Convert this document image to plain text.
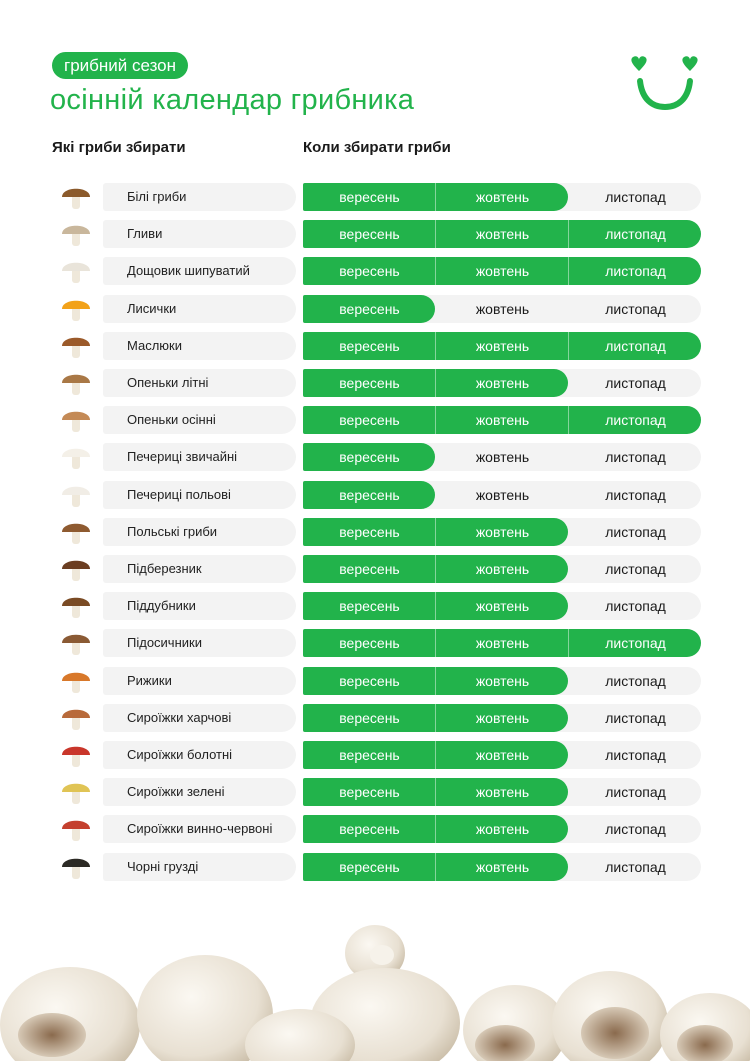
грибний сезон
осінній календар грибника
Які гриби збирати	Коли збирати гриби
Білі гриби	вересень	жовтень	листопад
Гливи	вересень	жовтень	листопад
Дощовик шипуватий	вересень	жовтень	листопад
Лисички	вересень	жовтень	листопад
Маслюки	вересень	жовтень	листопад
Опеньки літні	вересень	жовтень	листопад
Опеньки осінні	вересень	жовтень	листопад
Печериці звичайні	вересень	жовтень	листопад
Печериці польові	вересень	жовтень	листопад
Польські гриби	вересень	жовтень	листопад
Підберезник	вересень	жовтень	листопад
Піддубники	вересень	жовтень	листопад
Підосичники	вересень	жовтень	листопад
Рижики	вересень	жовтень	листопад
Сироїжки харчові	вересень	жовтень	листопад
Сироїжки болотні	вересень	жовтень	листопад
Сироїжки зелені	вересень	жовтень	листопад
Сироїжки винно-червоні	вересень	жовтень	листопад
Чорні грузді	вересень	жовтень	листопад
